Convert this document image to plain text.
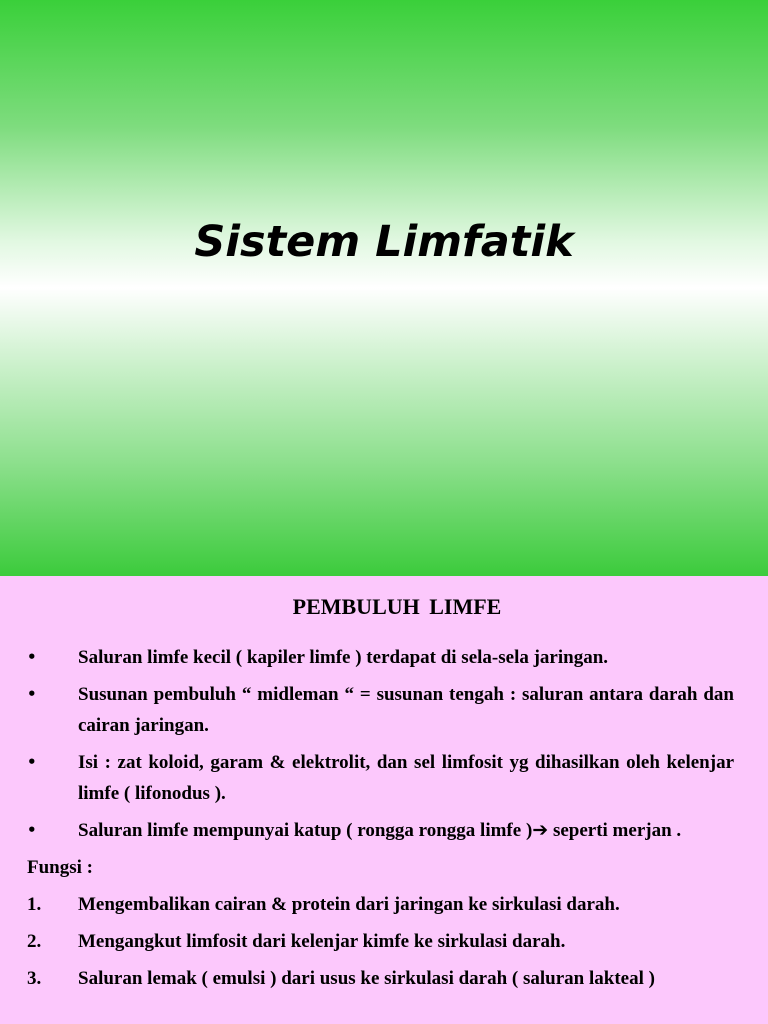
Sistem Limfatik
PEMBULUH LIMFE
• Saluran limfe kecil ( kapiler limfe ) terdapat di sela-sela jaringan.
• Susunan pembuluh “ midleman “ = susunan tengah : saluran antara darah dan cairan jaringan.
• Isi : zat koloid, garam & elektrolit, dan sel limfosit yg dihasilkan oleh kelenjar limfe ( lifonodus ).
• Saluran limfe mempunyai katup ( rongga rongga limfe )➔ seperti merjan .
Fungsi :
1. Mengembalikan cairan & protein dari jaringan ke sirkulasi darah.
2. Mengangkut limfosit dari kelenjar kimfe ke sirkulasi darah.
3. Saluran lemak ( emulsi ) dari usus ke sirkulasi darah ( saluran lakteal )
